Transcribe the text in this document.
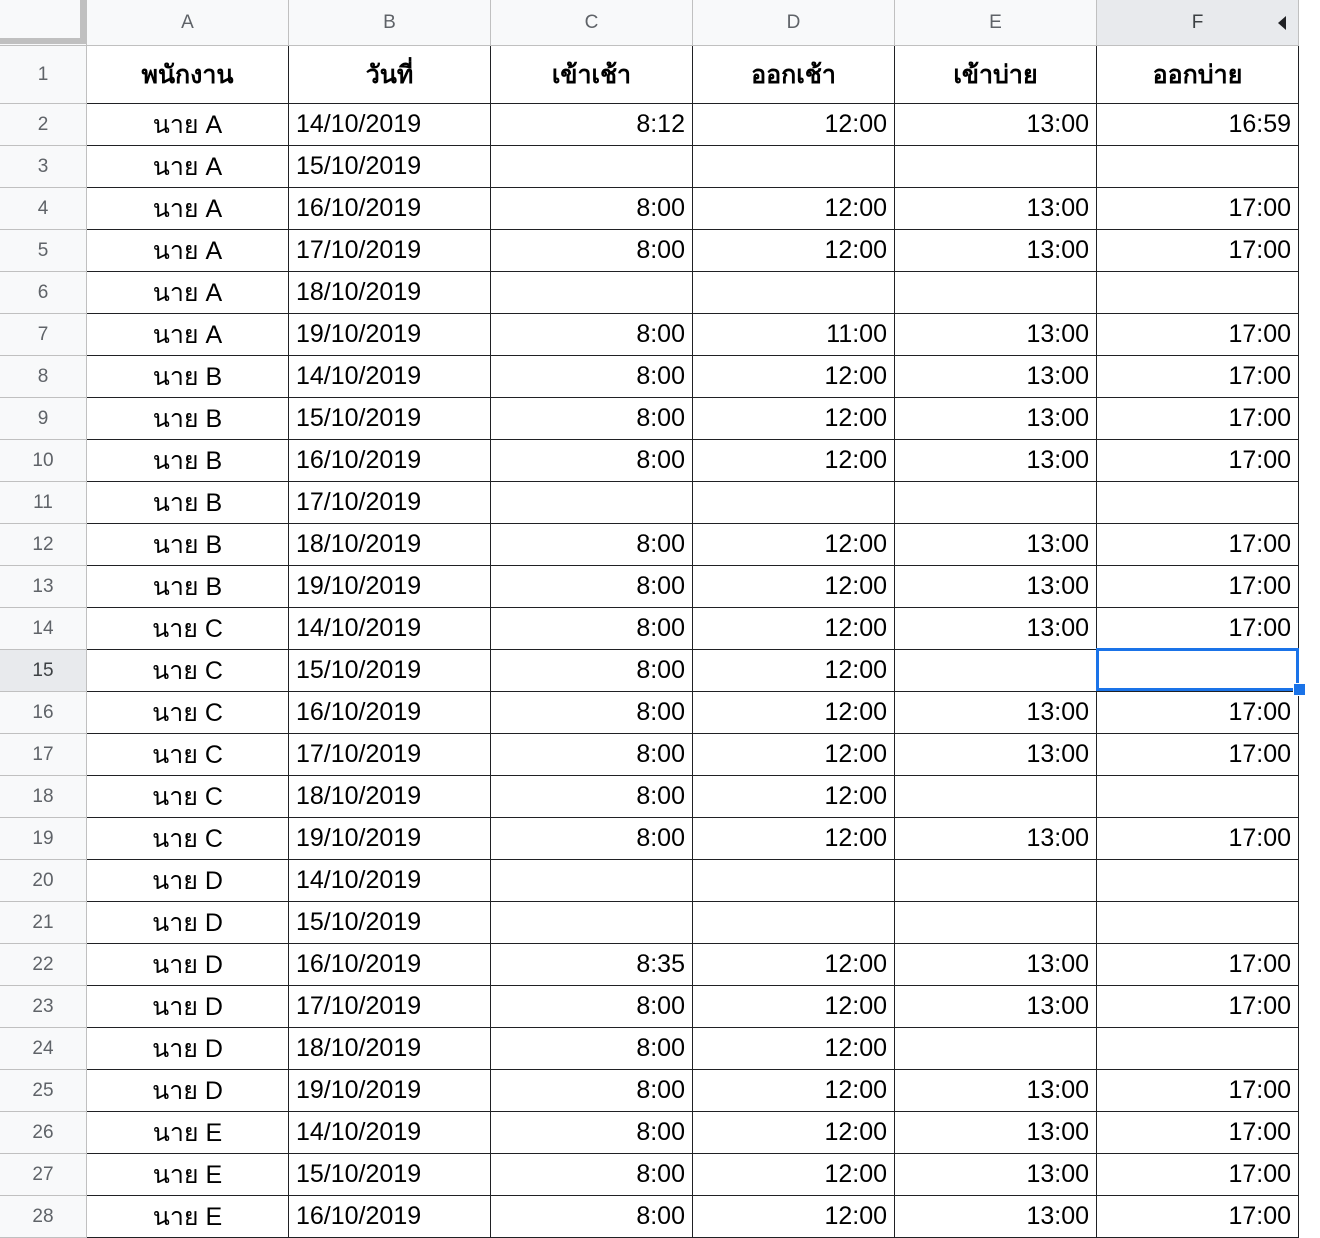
A	B	C	D	E	F
1	พนักงาน	วันที่	เข้าเช้า	ออกเช้า	เข้าบ่าย	ออกบ่าย
2	นาย A	14/10/2019	8:12	12:00	13:00	16:59
3	นาย A	15/10/2019
4	นาย A	16/10/2019	8:00	12:00	13:00	17:00
5	นาย A	17/10/2019	8:00	12:00	13:00	17:00
6	นาย A	18/10/2019
7	นาย A	19/10/2019	8:00	11:00	13:00	17:00
8	นาย B	14/10/2019	8:00	12:00	13:00	17:00
9	นาย B	15/10/2019	8:00	12:00	13:00	17:00
10	นาย B	16/10/2019	8:00	12:00	13:00	17:00
11	นาย B	17/10/2019
12	นาย B	18/10/2019	8:00	12:00	13:00	17:00
13	นาย B	19/10/2019	8:00	12:00	13:00	17:00
14	นาย C	14/10/2019	8:00	12:00	13:00	17:00
15	นาย C	15/10/2019	8:00	12:00
16	นาย C	16/10/2019	8:00	12:00	13:00	17:00
17	นาย C	17/10/2019	8:00	12:00	13:00	17:00
18	นาย C	18/10/2019	8:00	12:00
19	นาย C	19/10/2019	8:00	12:00	13:00	17:00
20	นาย D	14/10/2019
21	นาย D	15/10/2019
22	นาย D	16/10/2019	8:35	12:00	13:00	17:00
23	นาย D	17/10/2019	8:00	12:00	13:00	17:00
24	นาย D	18/10/2019	8:00	12:00
25	นาย D	19/10/2019	8:00	12:00	13:00	17:00
26	นาย E	14/10/2019	8:00	12:00	13:00	17:00
27	นาย E	15/10/2019	8:00	12:00	13:00	17:00
28	นาย E	16/10/2019	8:00	12:00	13:00	17:00
